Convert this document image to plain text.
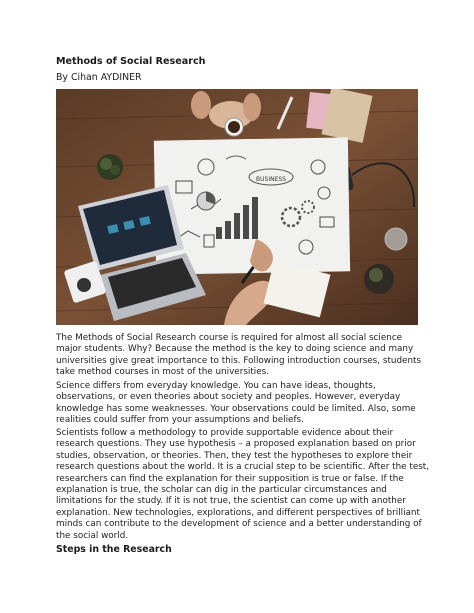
Methods of Social Research
By Cihan AYDINER
BUSINESS

The Methods of Social Research course is required for almost all social science
major students. Why? Because the method is the key to doing science and many
universities give great importance to this. Following introduction courses, students
take method courses in most of the universities.

Science differs from everyday knowledge. You can have ideas, thoughts,
observations, or even theories about society and peoples. However, everyday
knowledge has some weaknesses. Your observations could be limited. Also, some
realities could suffer from your assumptions and beliefs.

Scientists follow a methodology to provide supportable evidence about their
research questions. They use hypothesis – a proposed explanation based on prior
studies, observation, or theories. Then, they test the hypotheses to explore their
research questions about the world. It is a crucial step to be scientific. After the test,
researchers can find the explanation for their supposition is true or false. If the
explanation is true, the scholar can dig in the particular circumstances and
limitations for the study. If it is not true, the scientist can come up with another
explanation. New technologies, explorations, and different perspectives of brilliant
minds can contribute to the development of science and a better understanding of
the social world.

Steps in the Research
